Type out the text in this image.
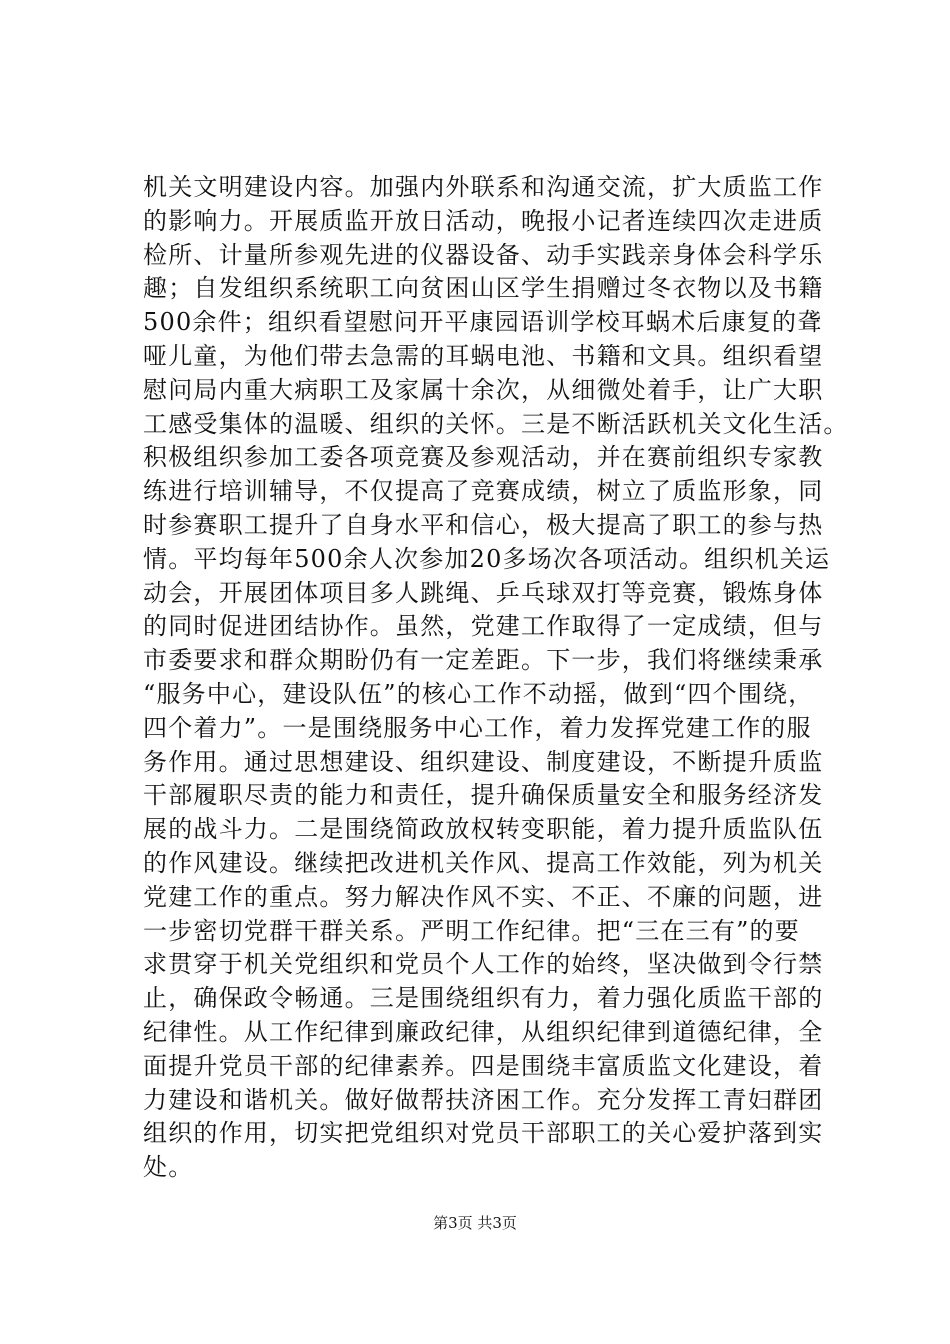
机关文明建设内容。加强内外联系和沟通交流，扩大质监工作
的影响力。开展质监开放日活动，晚报小记者连续四次走进质
检所、计量所参观先进的仪器设备、动手实践亲身体会科学乐
趣；自发组织系统职工向贫困山区学生捐赠过冬衣物以及书籍
500余件；组织看望慰问开平康园语训学校耳蜗术后康复的聋
哑儿童，为他们带去急需的耳蜗电池、书籍和文具。组织看望
慰问局内重大病职工及家属十余次，从细微处着手，让广大职
工感受集体的温暖、组织的关怀。三是不断活跃机关文化生活。
积极组织参加工委各项竞赛及参观活动，并在赛前组织专家教
练进行培训辅导，不仅提高了竞赛成绩，树立了质监形象，同
时参赛职工提升了自身水平和信心，极大提高了职工的参与热
情。平均每年500余人次参加20多场次各项活动。组织机关运
动会，开展团体项目多人跳绳、乒乓球双打等竞赛，锻炼身体
的同时促进团结协作。虽然，党建工作取得了一定成绩，但与
市委要求和群众期盼仍有一定差距。下一步，我们将继续秉承
“服务中心，建设队伍”的核心工作不动摇，做到“四个围绕，
四个着力”。一是围绕服务中心工作，着力发挥党建工作的服
务作用。通过思想建设、组织建设、制度建设，不断提升质监
干部履职尽责的能力和责任，提升确保质量安全和服务经济发
展的战斗力。二是围绕简政放权转变职能，着力提升质监队伍
的作风建设。继续把改进机关作风、提高工作效能，列为机关
党建工作的重点。努力解决作风不实、不正、不廉的问题，进
一步密切党群干群关系。严明工作纪律。把“三在三有”的要
求贯穿于机关党组织和党员个人工作的始终，坚决做到令行禁
止，确保政令畅通。三是围绕组织有力，着力强化质监干部的
纪律性。从工作纪律到廉政纪律，从组织纪律到道德纪律，全
面提升党员干部的纪律素养。四是围绕丰富质监文化建设，着
力建设和谐机关。做好做帮扶济困工作。充分发挥工青妇群团
组织的作用，切实把党组织对党员干部职工的关心爱护落到实
处。
第3页 共3页
